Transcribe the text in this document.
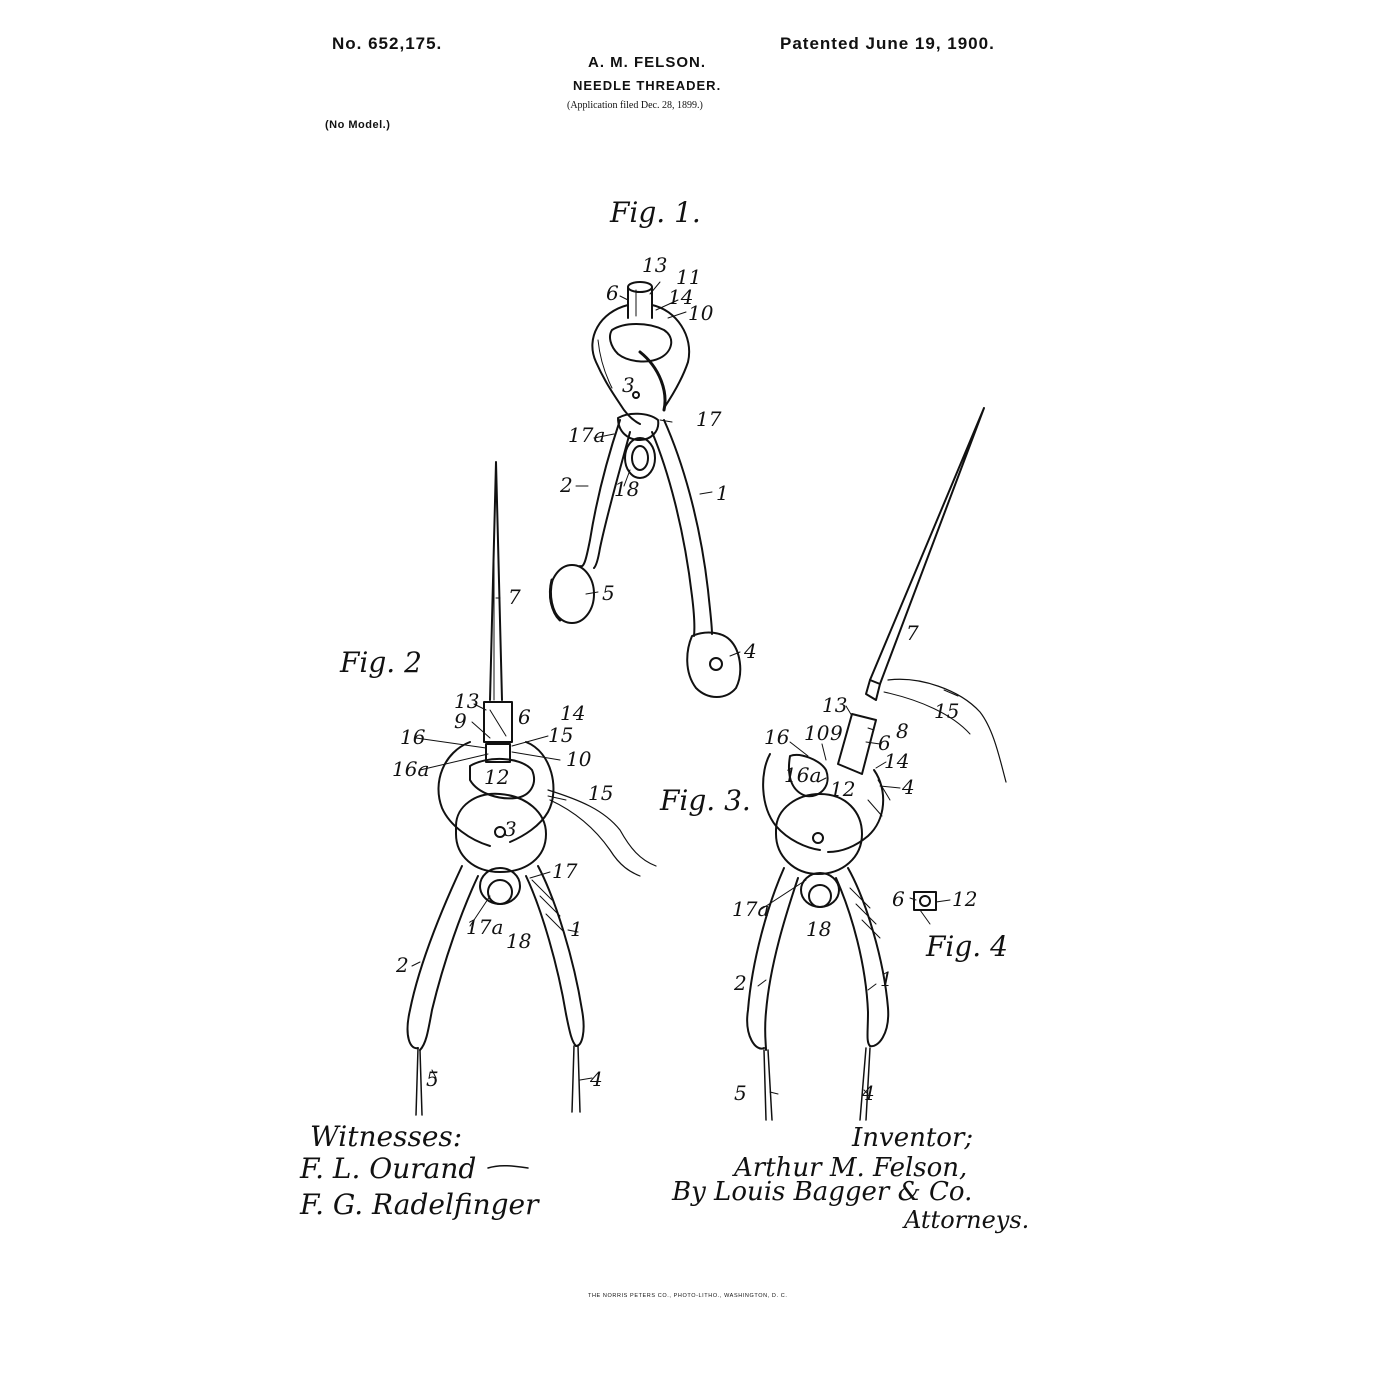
No. 652,175.	Patented June 19, 1900.
A. M. FELSON.
NEEDLE THREADER.
(Application filed Dec. 28, 1899.)
(No Model.)
13 11
6 14
10
3
17a
17
2 18	1
5
4
7
13
6 14
9
15
16
10
16a	12
15
3
17
17a
18 1
2
5	4
7
13
8
15
16 10 9 6
14
16a
12 4
17a
18
1
2
5	4
6 12
Fig. 1.
Fig. 2
Fig. 3.
Fig. 4
Witnesses:
F. L. Ourand
F. G. Radelfinger
Inventor;
Arthur M. Felson,
By Louis Bagger & Co.
Attorneys.
THE NORRIS PETERS CO., PHOTO-LITHO., WASHINGTON, D. C.
